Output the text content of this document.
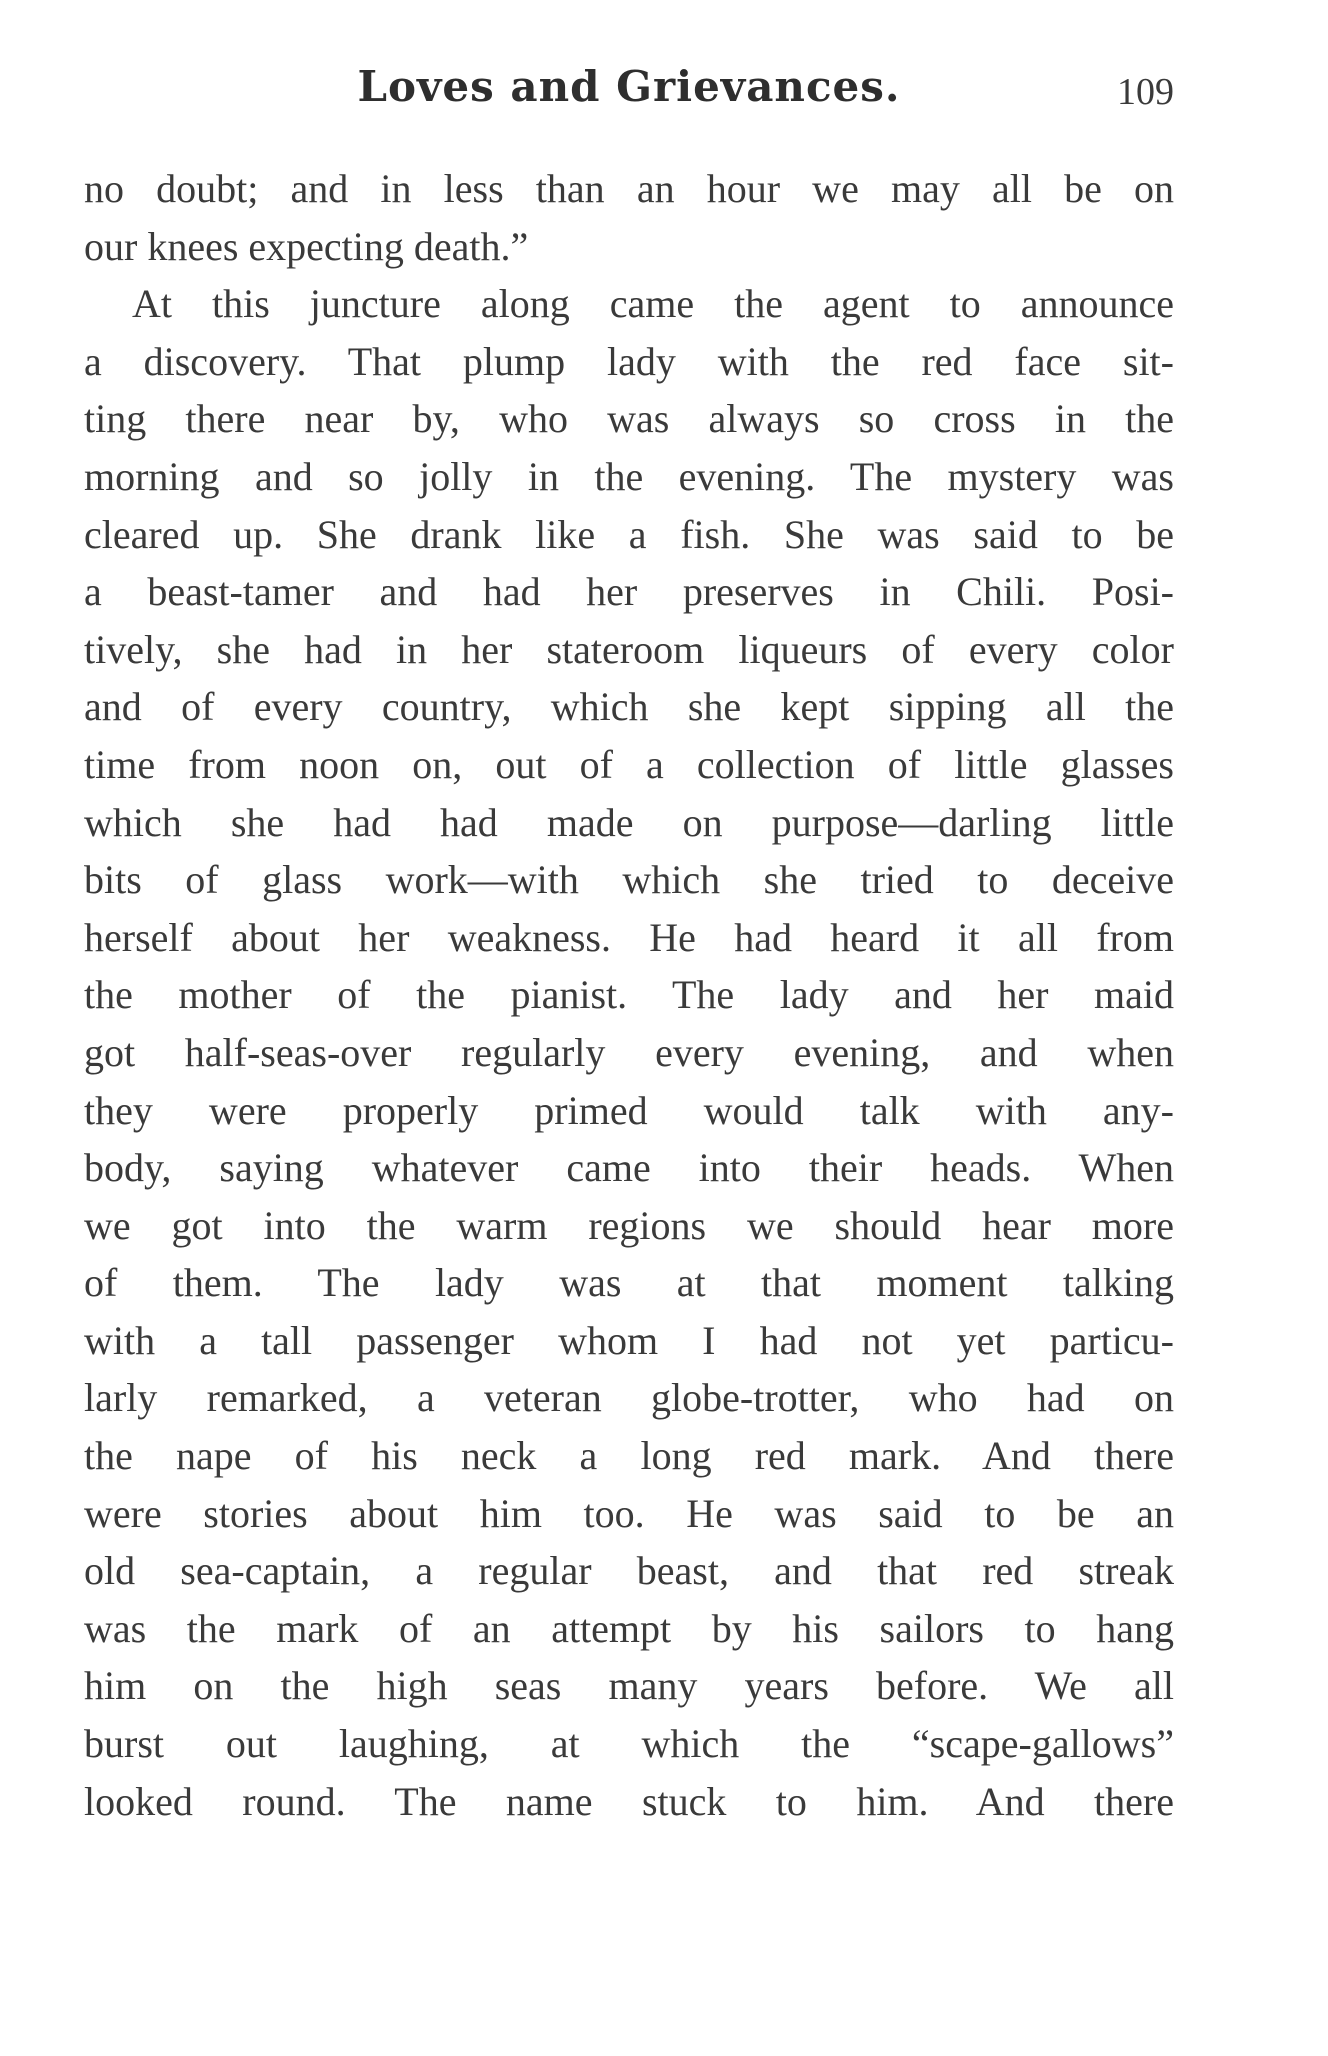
Loves and Grievances.	109
no doubt; and in less than an hour we may all be on
our knees expecting death.”
At this juncture along came the agent to announce
a discovery. That plump lady with the red face sit-
ting there near by, who was always so cross in the
morning and so jolly in the evening. The mystery was
cleared up. She drank like a fish. She was said to be
a beast-tamer and had her preserves in Chili. Posi-
tively, she had in her stateroom liqueurs of every color
and of every country, which she kept sipping all the
time from noon on, out of a collection of little glasses
which she had had made on purpose—darling little
bits of glass work—with which she tried to deceive
herself about her weakness. He had heard it all from
the mother of the pianist. The lady and her maid
got half-seas-over regularly every evening, and when
they were properly primed would talk with any-
body, saying whatever came into their heads. When
we got into the warm regions we should hear more
of them. The lady was at that moment talking
with a tall passenger whom I had not yet particu-
larly remarked, a veteran globe-trotter, who had on
the nape of his neck a long red mark. And there
were stories about him too. He was said to be an
old sea-captain, a regular beast, and that red streak
was the mark of an attempt by his sailors to hang
him on the high seas many years before. We all
burst out laughing, at which the “scape-gallows”
looked round. The name stuck to him. And there
